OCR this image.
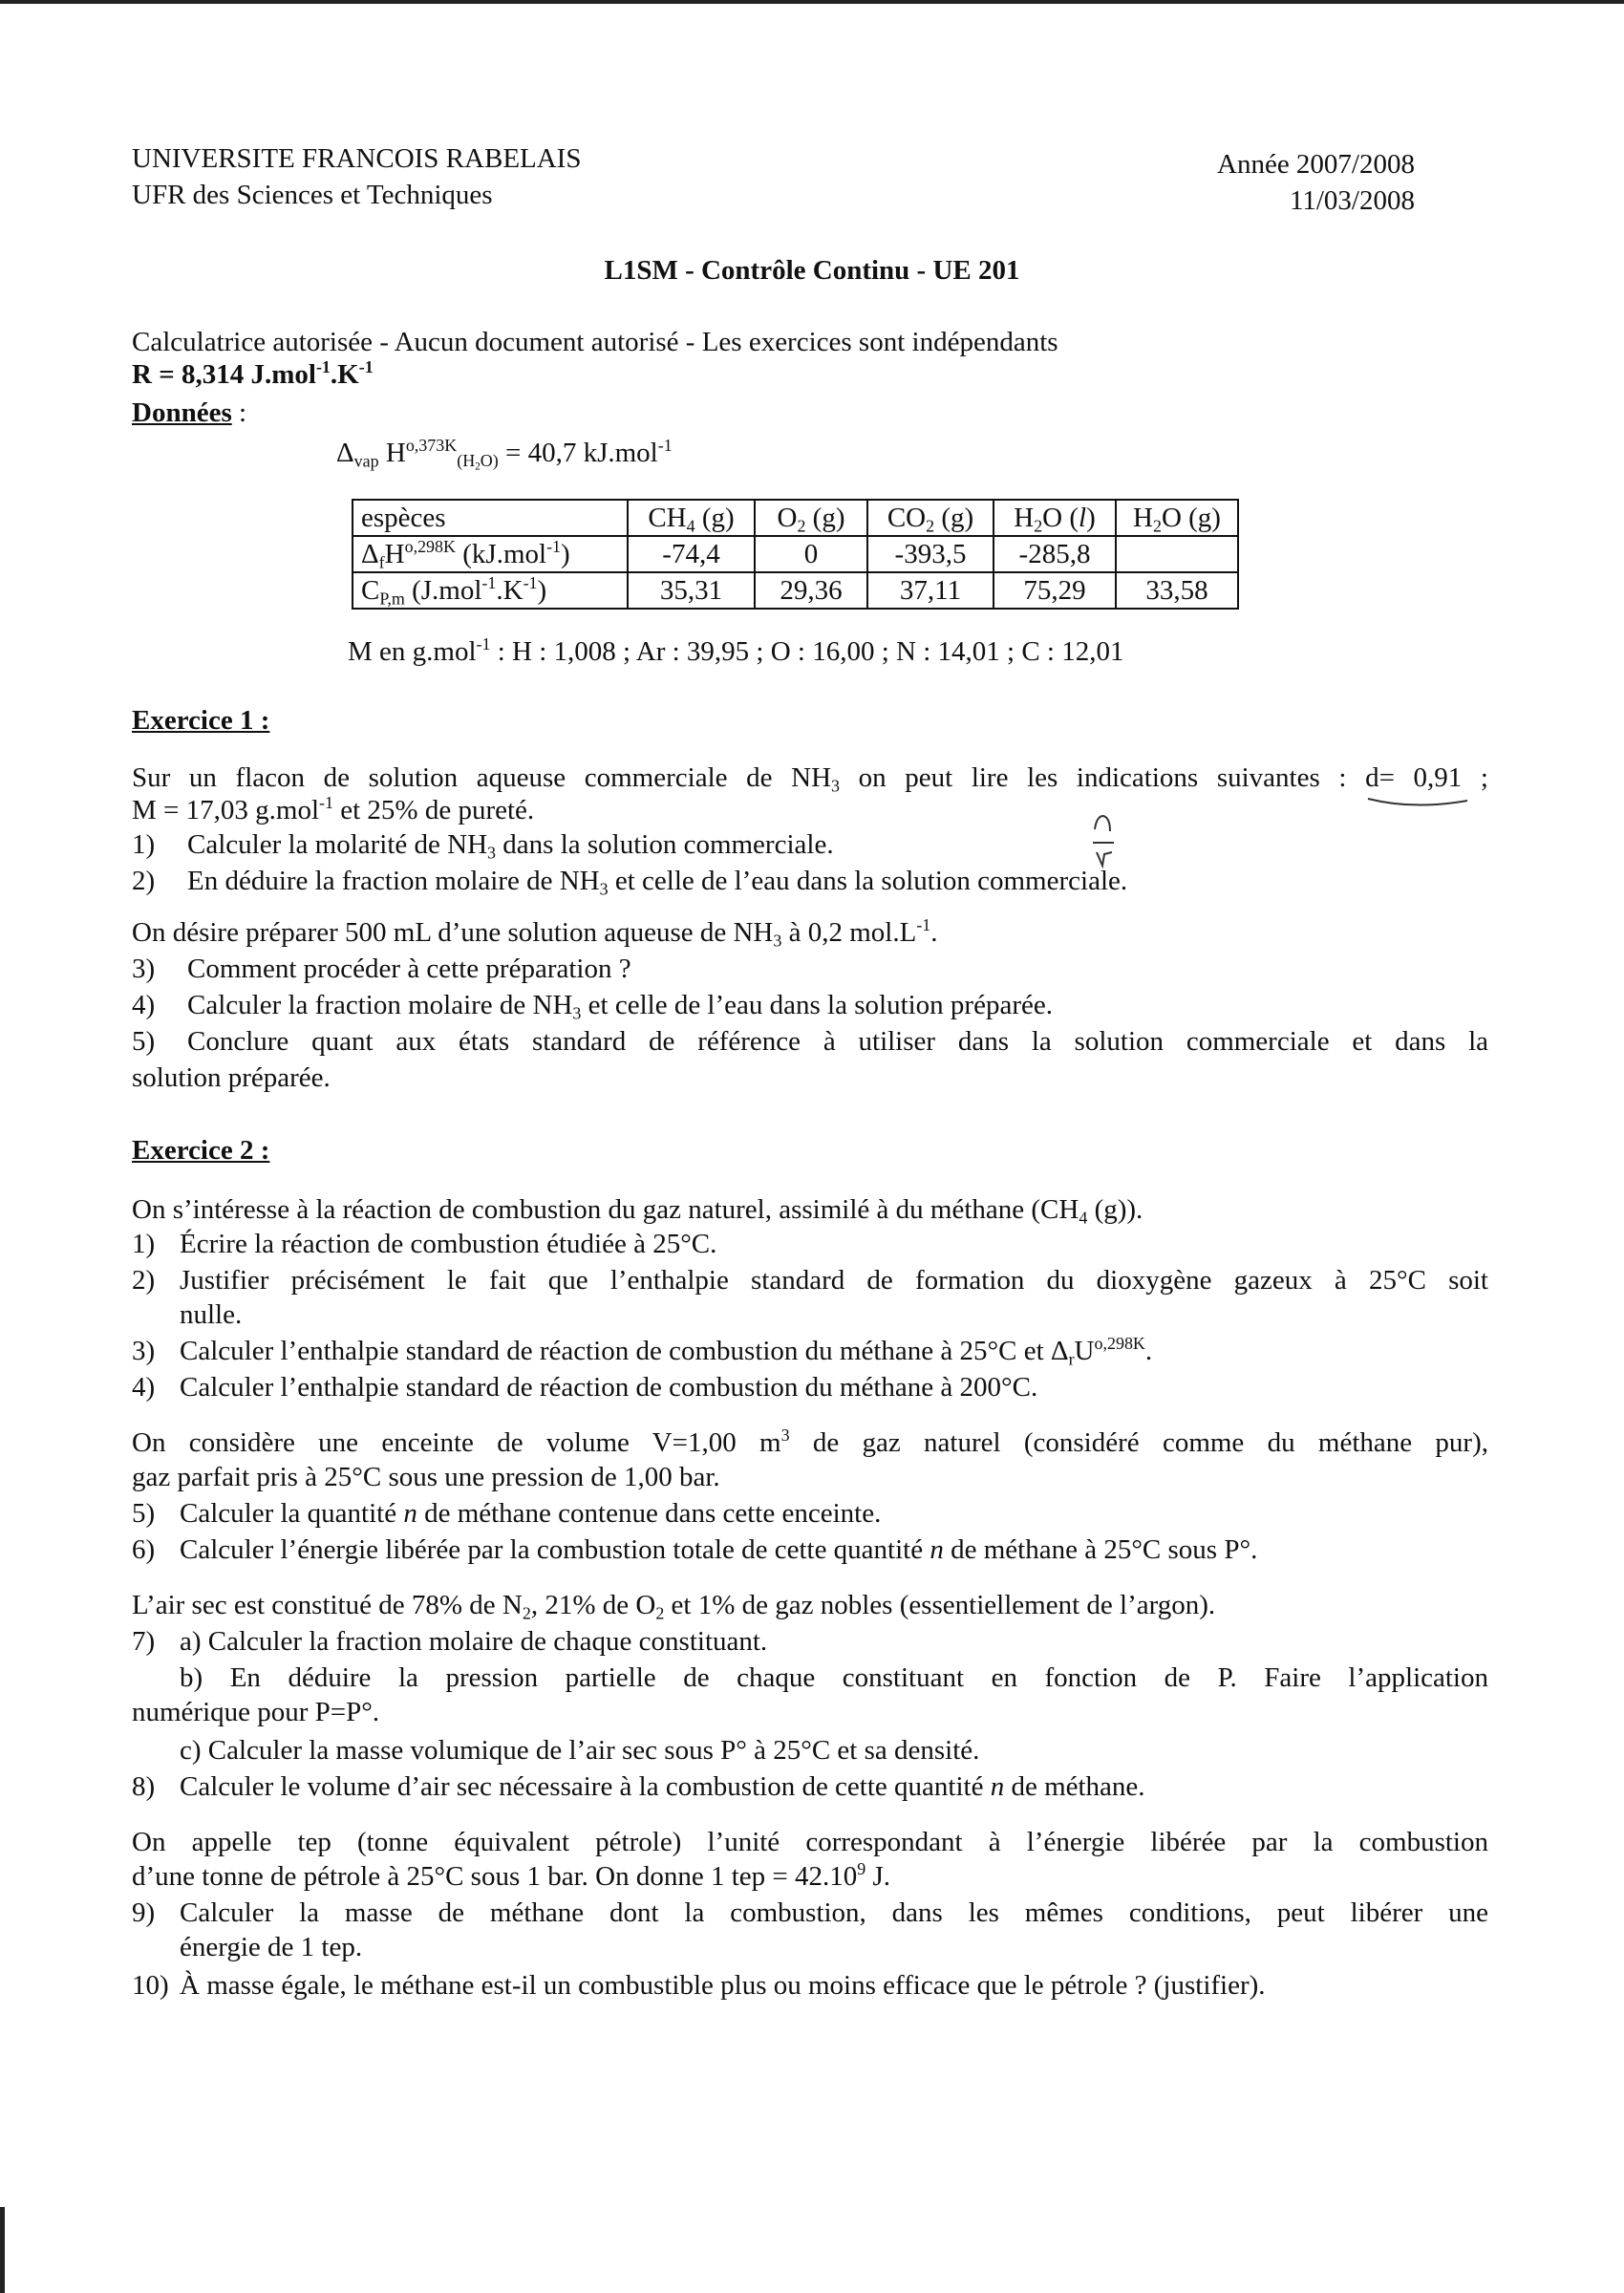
UNIVERSITE FRANCOIS RABELAIS
UFR des Sciences et Techniques
Année 2007/2008
11/03/2008
L1SM - Contrôle Continu - UE 201
Calculatrice autorisée - Aucun document autorisé - Les exercices sont indépendants
R = 8,314 $J.mol^{-1}.K^{-1}$
Données :
$\Delta_{vap}$ $H^{o,373K}_{(H_2O)} = 40,7$ kJ.mol$^{-1}$
espèces	$CH_4$ (g)	$O_2$ (g)	$CO_2$ (g)	$H_2O$ (l)	$H_2O$ (g)
$\Delta_fH^{o,298K}$ (kJ.mol$^{-1}$)	-74,4	0	-393,5	-285,8	
$C_{P,m}$ $(J.mol^{-1}.K^{-1})$	35,31	29,36	37,11	75,29	33,58
M en g.mol$^{-1}$ : H : 1,008 ; Ar : 39,95 ; O : 16,00 ; N : 14,01 ; C : 12,01
Exercice 1 :
Sur un flacon de solution aqueuse commerciale de $NH_3$ on peut lire les indications suivantes : d= 0,91 ;
M = 17,03 g.mol$^{-1}$ et 25% de pureté.
1) Calculer la molarité de $NH_3$ dans la solution commerciale.
2) En déduire la fraction molaire de $NH_3$ et celle de l’eau dans la solution commerciale.
On désire préparer 500 mL d’une solution aqueuse de $NH_3$ à 0,2 $mol.L^{-1}$.
3) Comment procéder à cette préparation ?
4) Calculer la fraction molaire de $NH_3$ et celle de l’eau dans la solution préparée.
5) Conclure quant aux états standard de référence à utiliser dans la solution commerciale et dans la
solution préparée.
Exercice 2 :
On s’intéresse à la réaction de combustion du gaz naturel, assimilé à du méthane ($CH_4$ (g)).
1) Écrire la réaction de combustion étudiée à 25°C.
2) Justifier précisément le fait que l’enthalpie standard de formation du dioxygène gazeux à 25°C soit
nulle.
3) Calculer l’enthalpie standard de réaction de combustion du méthane à 25°C et $\Delta_rU^{o,298K}$.
4) Calculer l’enthalpie standard de réaction de combustion du méthane à 200°C.
On considère une enceinte de volume V=1,00 $m^3$ de gaz naturel (considéré comme du méthane pur),
gaz parfait pris à 25°C sous une pression de 1,00 bar.
5) Calculer la quantité n de méthane contenue dans cette enceinte.
6) Calculer l’énergie libérée par la combustion totale de cette quantité n de méthane à 25°C sous P°.
L’air sec est constitué de 78% de $N_2$, 21% de $O_2$ et 1% de gaz nobles (essentiellement de l’argon).
7) a) Calculer la fraction molaire de chaque constituant.
b) En déduire la pression partielle de chaque constituant en fonction de P. Faire l’application
numérique pour P=P°.
c) Calculer la masse volumique de l’air sec sous P° à 25°C et sa densité.
8) Calculer le volume d’air sec nécessaire à la combustion de cette quantité n de méthane.
On appelle tep (tonne équivalent pétrole) l’unité correspondant à l’énergie libérée par la combustion
d’une tonne de pétrole à 25°C sous 1 bar. On donne 1 tep = $42.10^9$ J.
9) Calculer la masse de méthane dont la combustion, dans les mêmes conditions, peut libérer une
énergie de 1 tep.
10) À masse égale, le méthane est-il un combustible plus ou moins efficace que le pétrole ? (justifier).
